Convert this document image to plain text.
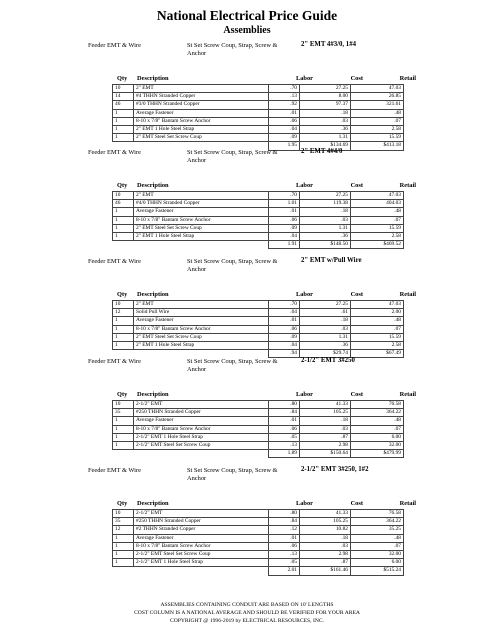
National Electrical Price Guide
Assemblies
Feeder EMT & Wire	St Set Screw Coup, Strap, Screw & Anchor
2" EMT 4#3/0, 1#4
Qty Description	Labor	Cost	Retail
10	2" EMT	.70	27.25	47.03
14	#4 THHN Stranded Copper	.13	8.00	26.85
46	#3/0 THHN Stranded Copper	.92	97.37	321.61
1	Average Fastener	.01	.18	.48
1	8-10 x 7/8" Bantam Screw Anchor	.06	.03	.07
1	2" EMT 1 Hole Steel Strap	.04	.36	2.58
1	2" EMT Steel Set Screw Coup	.09	1.31	15.59
		1.95	$134.69	$413.18
Feeder EMT & Wire	St Set Screw Coup, Strap, Screw & Anchor
2" EMT 4#4/0
Qty Description	Labor	Cost	Retail
10	2" EMT	.70	27.25	47.03
46	#4/0 THHN Stranded Copper	1.01	119.38	404.03
1	Average Fastener	.01	.18	.48
1	8-10 x 7/8" Bantam Screw Anchor	.06	.03	.07
1	2" EMT Steel Set Screw Coup	.09	1.31	15.59
1	2" EMT 1 Hole Steel Strap	.04	.36	2.58
		1.91	$148.50	$469.52
Feeder EMT & Wire	St Set Screw Coup, Strap, Screw & Anchor
2" EMT w/Pull Wire
Qty Description	Labor	Cost	Retail
10	2" EMT	.70	27.25	47.03
12	Solid Pull Wire	.04	.61	2.00
1	Average Fastener	.01	.18	.48
1	8-10 x 7/8" Bantam Screw Anchor	.06	.03	.07
1	2" EMT Steel Set Screw Coup	.09	1.31	15.59
1	2" EMT 1 Hole Steel Strap	.04	.36	2.58
		.94	$29.74	$67.49
Feeder EMT & Wire	St Set Screw Coup, Strap, Screw & Anchor
2-1/2" EMT 3#250
Qty Description	Labor	Cost	Retail
10	2-1/2" EMT	.80	41.33	76.58
35	#250 THHN Stranded Copper	.84	105.25	364.22
1	Average Fastener	.01	.18	.48
1	8-10 x 7/8" Bantam Screw Anchor	.06	.03	.07
1	2-1/2" EMT 1 Hole Steel Strap	.05	.87	6.00
1	2-1/2" EMT Steel Set Screw Coup	.13	2.98	32.00
		1.89	$150.64	$479.99
Feeder EMT & Wire	St Set Screw Coup, Strap, Screw & Anchor
2-1/2" EMT 3#250, 1#2
Qty Description	Labor	Cost	Retail
10	2-1/2" EMT	.80	41.33	76.58
35	#250 THHN Stranded Copper	.84	105.25	364.22
12	#2 THHN Stranded Copper	.12	10.82	35.25
1	Average Fastener	.01	.18	.48
1	8-10 x 7/8" Bantam Screw Anchor	.06	.03	.07
1	2-1/2" EMT Steel Set Screw Coup	.13	2.98	32.00
1	2-1/2" EMT 1 Hole Steel Strap	.05	.87	6.00
		2.01	$161.46	$515.24
ASSEMBLIES CONTAINING CONDUIT ARE BASED ON 10' LENGTHS
COST COLUMN IS A NATIONAL AVERAGE AND SHOULD BE VERIFIED FOR YOUR AREA
COPYRIGHT @ 1996-2019 by ELECTRICAL RESOURCES, INC.
